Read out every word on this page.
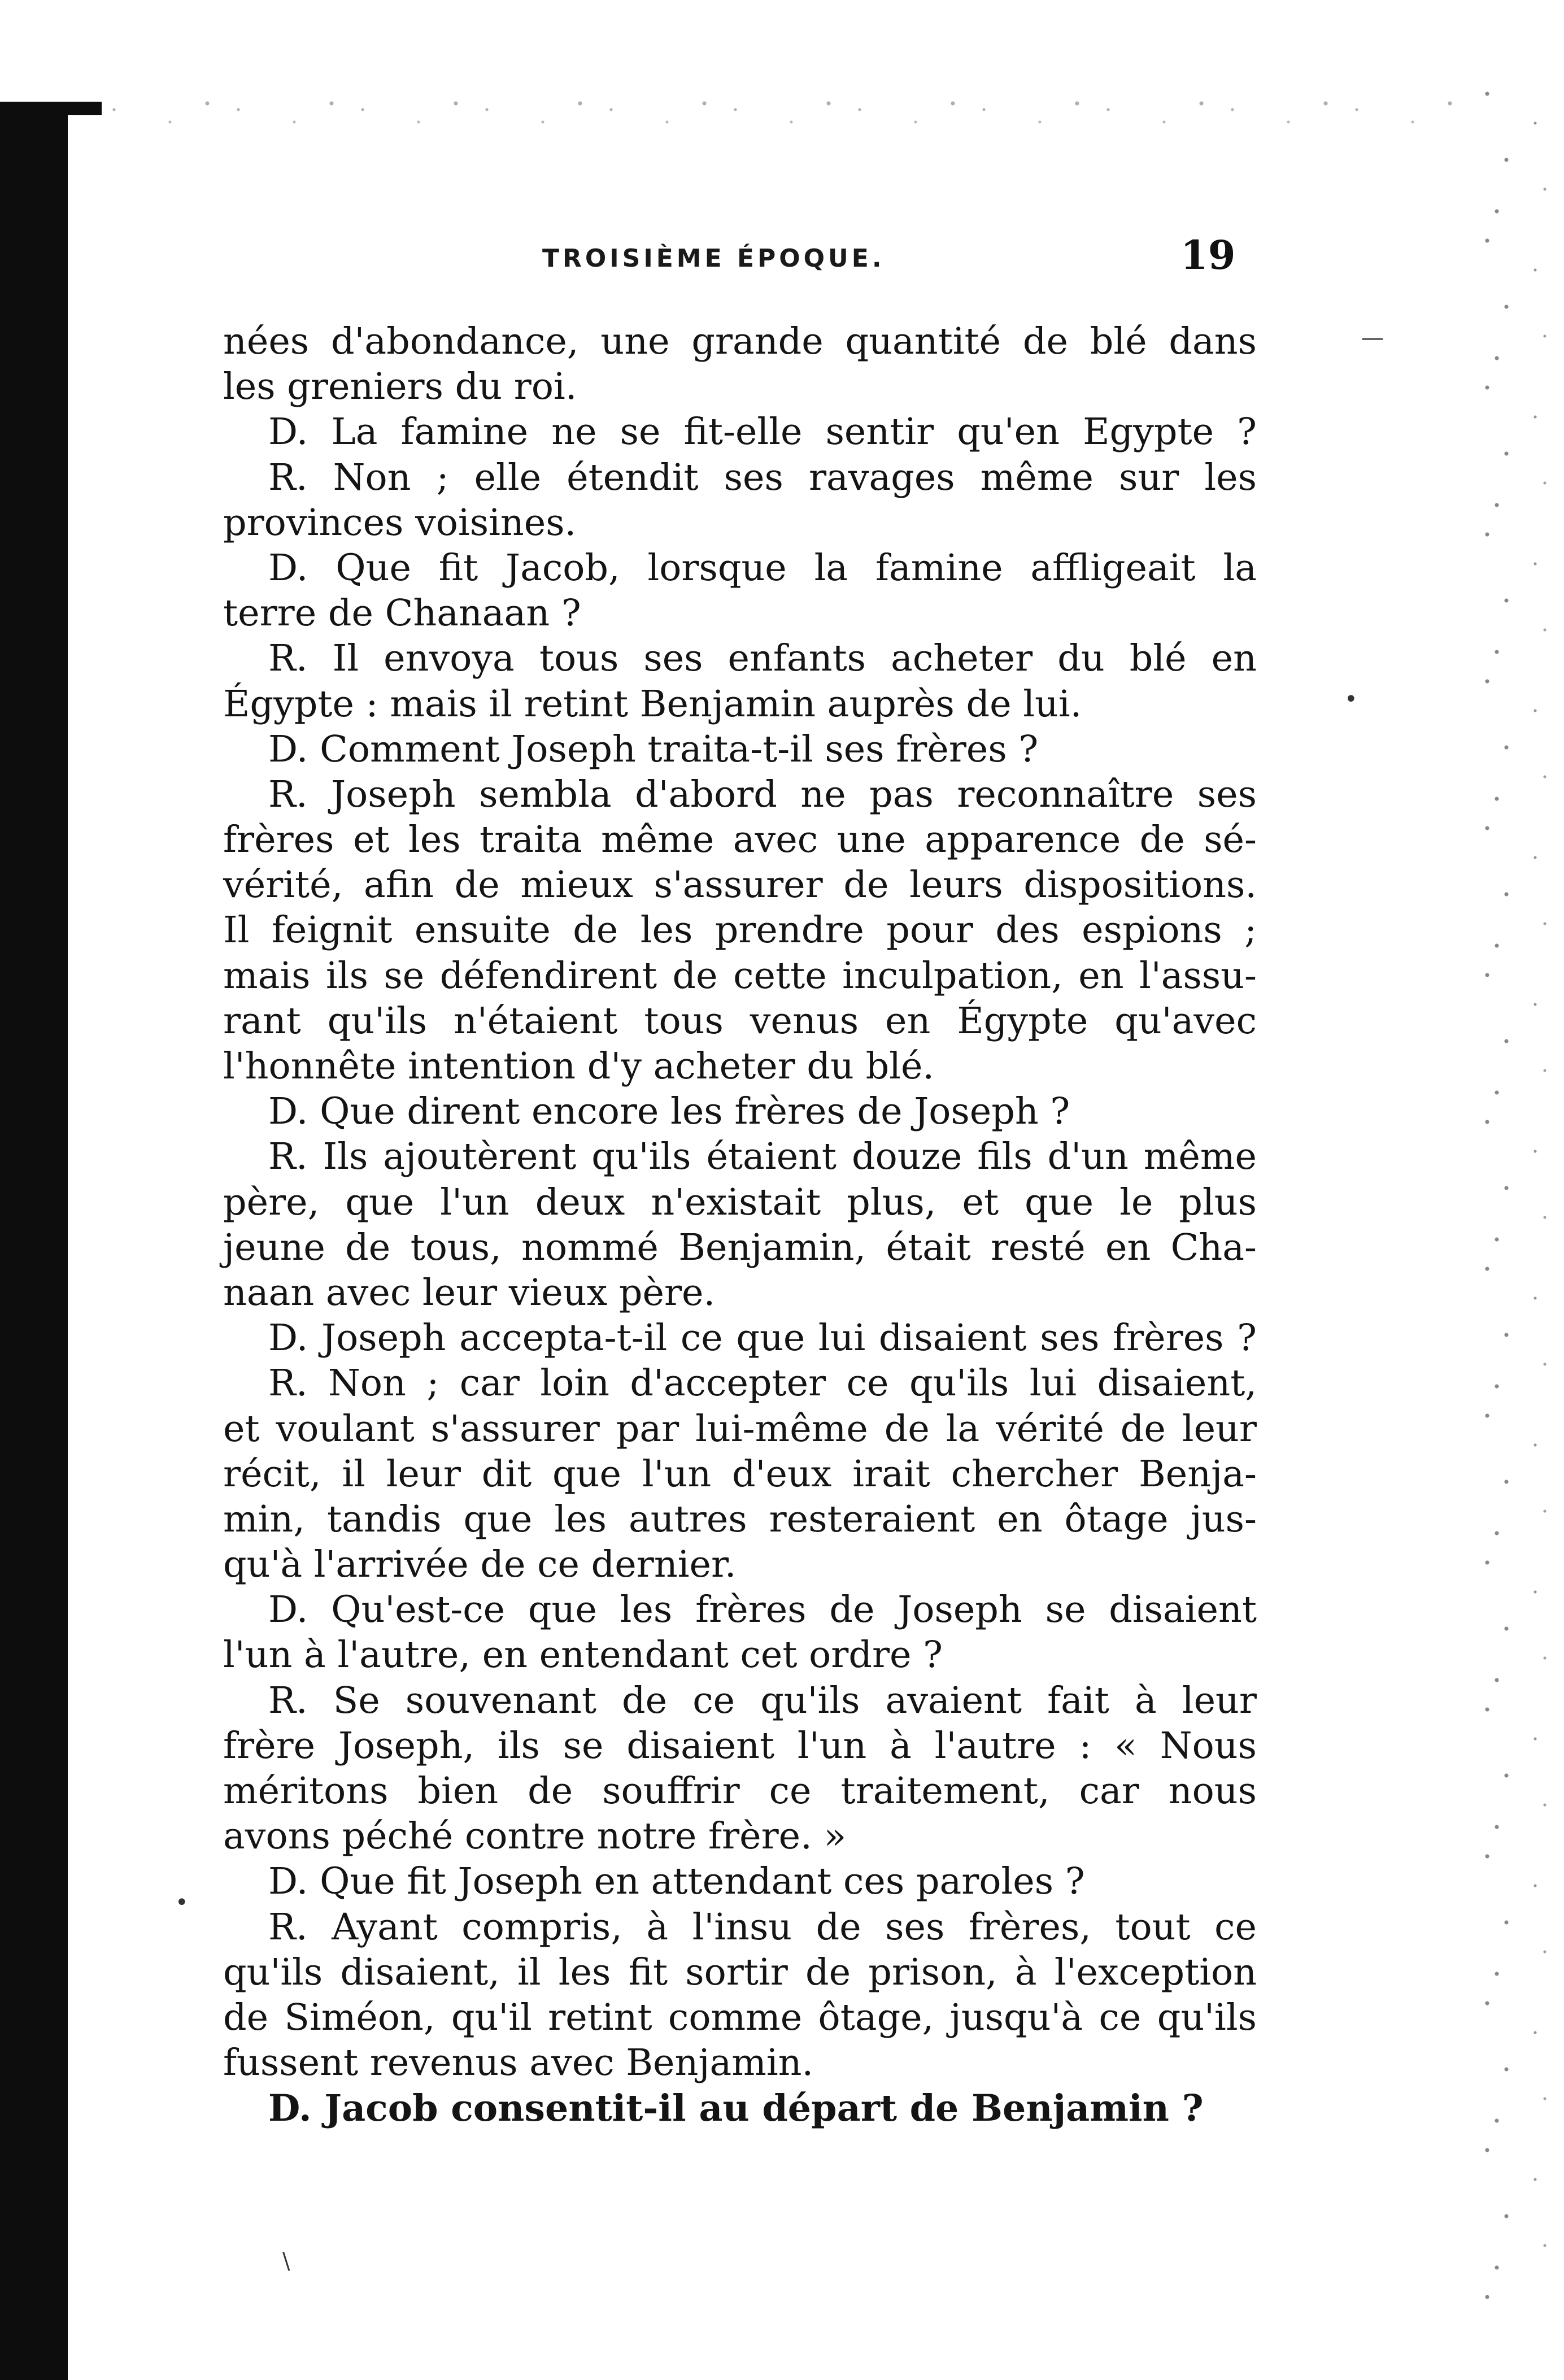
TROISIÈME ÉPOQUE.	19
nées d'abondance, une grande quantité de blé dans
les greniers du roi.
D. La famine ne se fit-elle sentir qu'en Egypte ?
R. Non ; elle étendit ses ravages même sur les
provinces voisines.
D. Que fit Jacob, lorsque la famine affligeait la
terre de Chanaan ?
R. Il envoya tous ses enfants acheter du blé en
Égypte : mais il retint Benjamin auprès de lui.
D. Comment Joseph traita-t-il ses frères ?
R. Joseph sembla d'abord ne pas reconnaître ses
frères et les traita même avec une apparence de sé-
vérité, afin de mieux s'assurer de leurs dispositions.
Il feignit ensuite de les prendre pour des espions ;
mais ils se défendirent de cette inculpation, en l'assu-
rant qu'ils n'étaient tous venus en Égypte qu'avec
l'honnête intention d'y acheter du blé.
D. Que dirent encore les frères de Joseph ?
R. Ils ajoutèrent qu'ils étaient douze fils d'un même
père, que l'un deux n'existait plus, et que le plus
jeune de tous, nommé Benjamin, était resté en Cha-
naan avec leur vieux père.
D. Joseph accepta-t-il ce que lui disaient ses frères ?
R. Non ; car loin d'accepter ce qu'ils lui disaient,
et voulant s'assurer par lui-même de la vérité de leur
récit, il leur dit que l'un d'eux irait chercher Benja-
min, tandis que les autres resteraient en ôtage jus-
qu'à l'arrivée de ce dernier.
D. Qu'est-ce que les frères de Joseph se disaient
l'un à l'autre, en entendant cet ordre ?
R. Se souvenant de ce qu'ils avaient fait à leur
frère Joseph, ils se disaient l'un à l'autre : « Nous
méritons bien de souffrir ce traitement, car nous
avons péché contre notre frère. »
D. Que fit Joseph en attendant ces paroles ?
R. Ayant compris, à l'insu de ses frères, tout ce
qu'ils disaient, il les fit sortir de prison, à l'exception
de Siméon, qu'il retint comme ôtage, jusqu'à ce qu'ils
fussent revenus avec Benjamin.
D. Jacob consentit-il au départ de Benjamin ?
—
•
•
\
